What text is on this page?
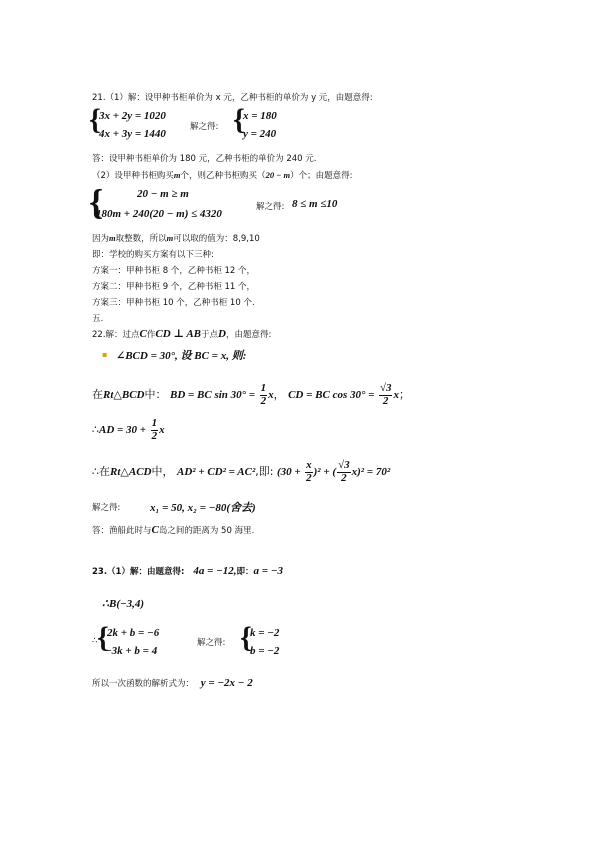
21.（1）解：设甲种书柜单价为 x 元，乙种书柜的单价为 y 元，由题意得:
{
3x + 2y = 1020
4x + 3y = 1440
解之得: {
x = 180
y = 240
答：设甲种书柜单价为 180 元，乙种书柜的单价为 240 元.
（2）设甲种书柜购买m个，则乙种书柜购买（20 − m）个；由题意得:
{	20 − m ≥ m
180m + 240(20 − m) ≤ 4320
解之得: 8 ≤ m ≤10
因为m取整数，所以m可以取的值为：8,9,10
即：学校的购买方案有以下三种:
方案一：甲种书柜 8 个，乙种书柜 12 个，
方案二：甲种书柜 9 个，乙种书柜 11 个，
方案三：甲种书柜 10 个，乙种书柜 10 个.
五.
22.解：过点C作CD ⊥ AB于点D，由题意得:
▪ ∠BCD = 30°, 设 BC = x, 则:
在Rt△BCD中： BD = BC $\sin 30^\circ = \frac{1}{2}$ x， CD = BC $\cos 30^\circ = \frac{√3}{2}$ x；
∴AD = $30 + \frac{1}{2}$ x
∴在Rt△ACD中， AD² + CD² = AC²,即: $(30 + \frac{x}{2} )^2$ + ( $\frac{√3}{2} x)^2 = 70^2$
解之得:	x₁ = 50, x₂ = −80(舍去)
答：渔船此时与C岛之间的距离为 50 海里.
23.（1）解：由题意得: 4a = −12,即：a = −3
∴B(−3,4)
∴ {
2k + b = −6
−3k + b = 4
解之得: {
k = −2
b = −2
所以一次函数的解析式为： y = −2x − 2
